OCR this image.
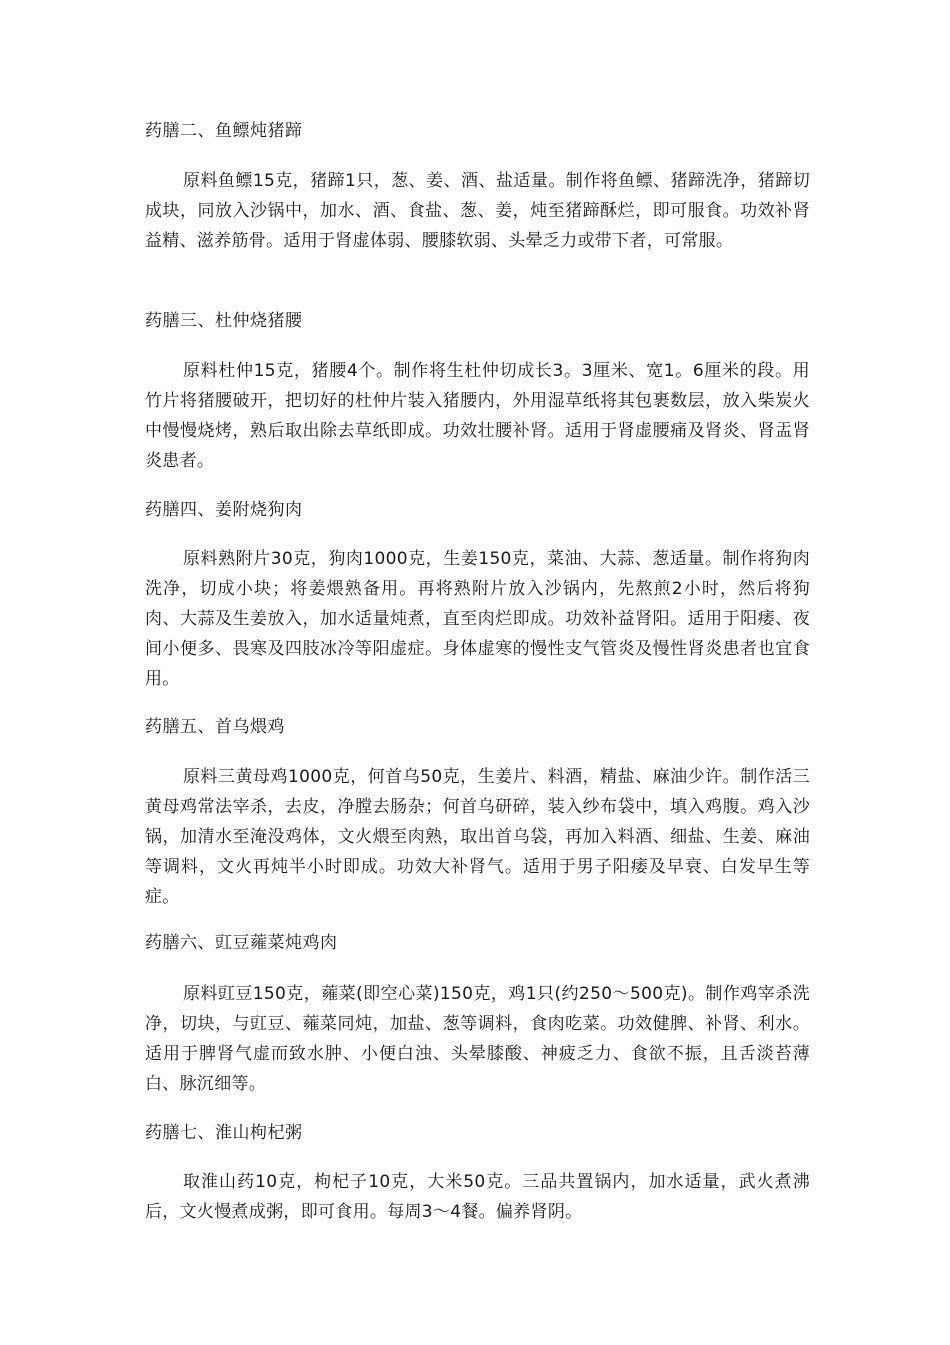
药膳二、鱼鳔炖猪蹄

原料鱼鳔15克，猪蹄1只，葱、姜、酒、盐适量。制作将鱼鳔、猪蹄洗净，猪蹄切成块，同放入沙锅中，加水、酒、食盐、葱、姜，炖至猪蹄酥烂，即可服食。功效补肾益精、滋养筋骨。适用于肾虚体弱、腰膝软弱、头晕乏力或带下者，可常服。

药膳三、杜仲烧猪腰

原料杜仲15克，猪腰4个。制作将生杜仲切成长3。3厘米、宽1。6厘米的段。用竹片将猪腰破开，把切好的杜仲片装入猪腰内，外用湿草纸将其包裹数层，放入柴炭火中慢慢烧烤，熟后取出除去草纸即成。功效壮腰补肾。适用于肾虚腰痛及肾炎、肾盂肾炎患者。

药膳四、姜附烧狗肉

原料熟附片30克，狗肉1000克，生姜150克，菜油、大蒜、葱适量。制作将狗肉洗净，切成小块；将姜煨熟备用。再将熟附片放入沙锅内，先熬煎2小时，然后将狗肉、大蒜及生姜放入，加水适量炖煮，直至肉烂即成。功效补益肾阳。适用于阳痿、夜间小便多、畏寒及四肢冰冷等阳虚症。身体虚寒的慢性支气管炎及慢性肾炎患者也宜食用。

药膳五、首乌煨鸡

原料三黄母鸡1000克，何首乌50克，生姜片、料酒，精盐、麻油少许。制作活三黄母鸡常法宰杀，去皮，净膛去肠杂；何首乌研碎，装入纱布袋中，填入鸡腹。鸡入沙锅，加清水至淹没鸡体，文火煨至肉熟，取出首乌袋，再加入料酒、细盐、生姜、麻油等调料，文火再炖半小时即成。功效大补肾气。适用于男子阳痿及早衰、白发早生等症。

药膳六、豇豆蕹菜炖鸡肉

原料豇豆150克，蕹菜(即空心菜)150克，鸡1只(约250～500克)。制作鸡宰杀洗净，切块，与豇豆、蕹菜同炖，加盐、葱等调料，食肉吃菜。功效健脾、补肾、利水。适用于脾肾气虚而致水肿、小便白浊、头晕膝酸、神疲乏力、食欲不振，且舌淡苔薄白、脉沉细等。

药膳七、淮山枸杞粥

取淮山药10克，枸杞子10克，大米50克。三品共置锅内，加水适量，武火煮沸后，文火慢煮成粥，即可食用。每周3～4餐。偏养肾阴。
